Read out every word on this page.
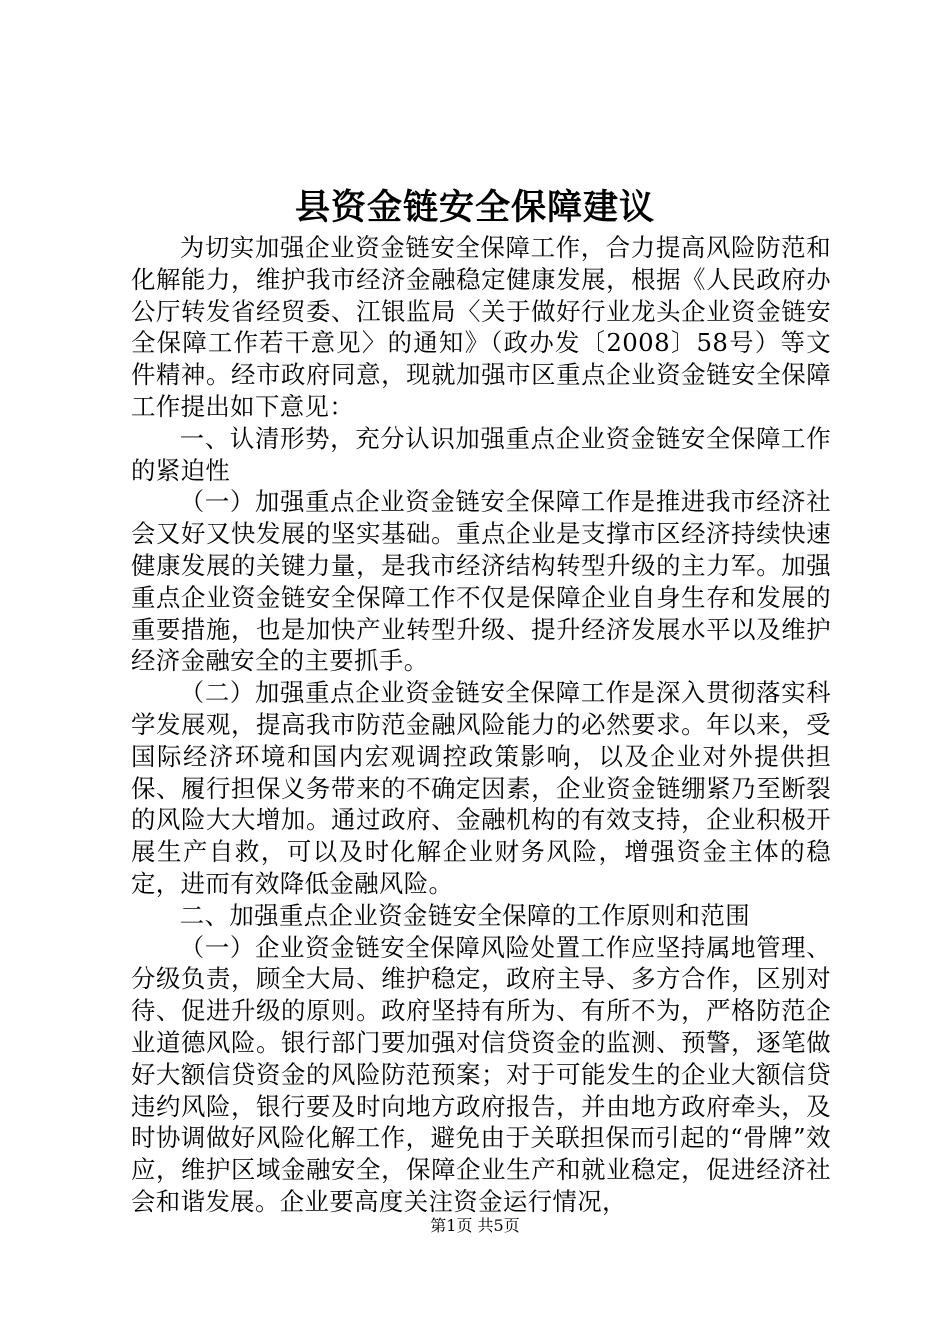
县资金链安全保障建议

为切实加强企业资金链安全保障工作，合力提高风险防范和化解能力，维护我市经济金融稳定健康发展，根据《人民政府办公厅转发省经贸委、江银监局〈关于做好行业龙头企业资金链安全保障工作若干意见〉的通知》（政办发〔2008〕58号）等文件精神。经市政府同意，现就加强市区重点企业资金链安全保障工作提出如下意见：

一、认清形势，充分认识加强重点企业资金链安全保障工作的紧迫性

（一）加强重点企业资金链安全保障工作是推进我市经济社会又好又快发展的坚实基础。重点企业是支撑市区经济持续快速健康发展的关键力量，是我市经济结构转型升级的主力军。加强重点企业资金链安全保障工作不仅是保障企业自身生存和发展的重要措施，也是加快产业转型升级、提升经济发展水平以及维护经济金融安全的主要抓手。

（二）加强重点企业资金链安全保障工作是深入贯彻落实科学发展观，提高我市防范金融风险能力的必然要求。年以来，受国际经济环境和国内宏观调控政策影响，以及企业对外提供担保、履行担保义务带来的不确定因素，企业资金链绷紧乃至断裂的风险大大增加。通过政府、金融机构的有效支持，企业积极开展生产自救，可以及时化解企业财务风险，增强资金主体的稳定，进而有效降低金融风险。

二、加强重点企业资金链安全保障的工作原则和范围

（一）企业资金链安全保障风险处置工作应坚持属地管理、分级负责，顾全大局、维护稳定，政府主导、多方合作，区别对待、促进升级的原则。政府坚持有所为、有所不为，严格防范企业道德风险。银行部门要加强对信贷资金的监测、预警，逐笔做好大额信贷资金的风险防范预案；对于可能发生的企业大额信贷违约风险，银行要及时向地方政府报告，并由地方政府牵头，及时协调做好风险化解工作，避免由于关联担保而引起的“骨牌”效应，维护区域金融安全，保障企业生产和就业稳定，促进经济社会和谐发展。企业要高度关注资金运行情况，

第1页 共5页
